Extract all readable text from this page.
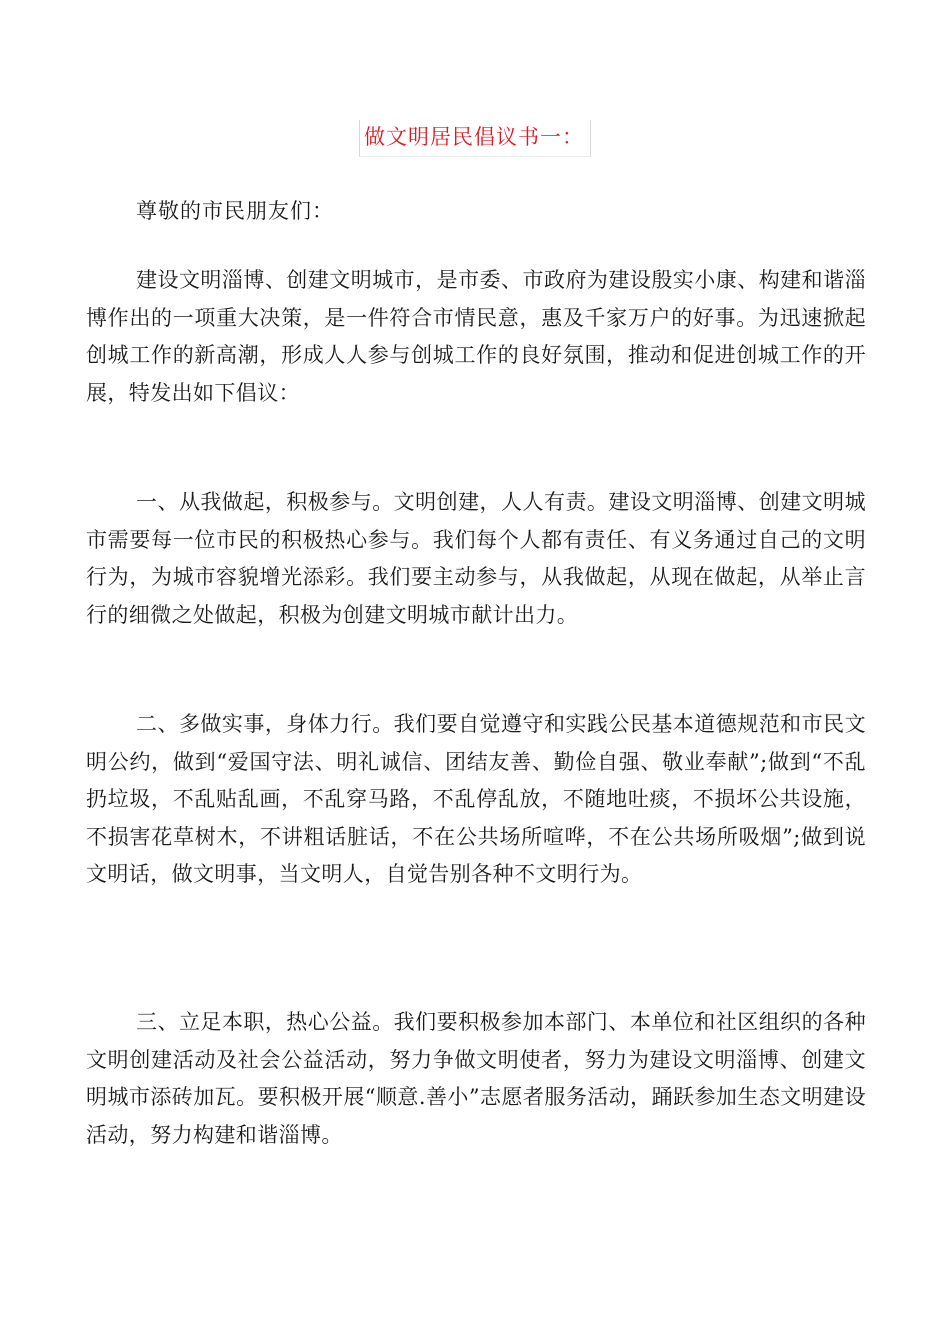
做文明居民倡议书一：
尊敬的市民朋友们：

建设文明淄博、创建文明城市，是市委、市政府为建设殷实小康、构建和谐淄博作出的一项重大决策，是一件符合市情民意，惠及千家万户的好事。为迅速掀起创城工作的新高潮，形成人人参与创城工作的良好氛围，推动和促进创城工作的开展，特发出如下倡议：

一、从我做起，积极参与。文明创建，人人有责。建设文明淄博、创建文明城市需要每一位市民的积极热心参与。我们每个人都有责任、有义务通过自己的文明行为，为城市容貌增光添彩。我们要主动参与，从我做起，从现在做起，从举止言行的细微之处做起，积极为创建文明城市献计出力。

二、多做实事，身体力行。我们要自觉遵守和实践公民基本道德规范和市民文明公约，做到“爱国守法、明礼诚信、团结友善、勤俭自强、敬业奉献”;做到“不乱扔垃圾，不乱贴乱画，不乱穿马路，不乱停乱放，不随地吐痰，不损坏公共设施，不损害花草树木，不讲粗话脏话，不在公共场所喧哗，不在公共场所吸烟”;做到说文明话，做文明事，当文明人，自觉告别各种不文明行为。

三、立足本职，热心公益。我们要积极参加本部门、本单位和社区组织的各种文明创建活动及社会公益活动，努力争做文明使者，努力为建设文明淄博、创建文明城市添砖加瓦。要积极开展“顺意.善小”志愿者服务活动，踊跃参加生态文明建设活动，努力构建和谐淄博。
